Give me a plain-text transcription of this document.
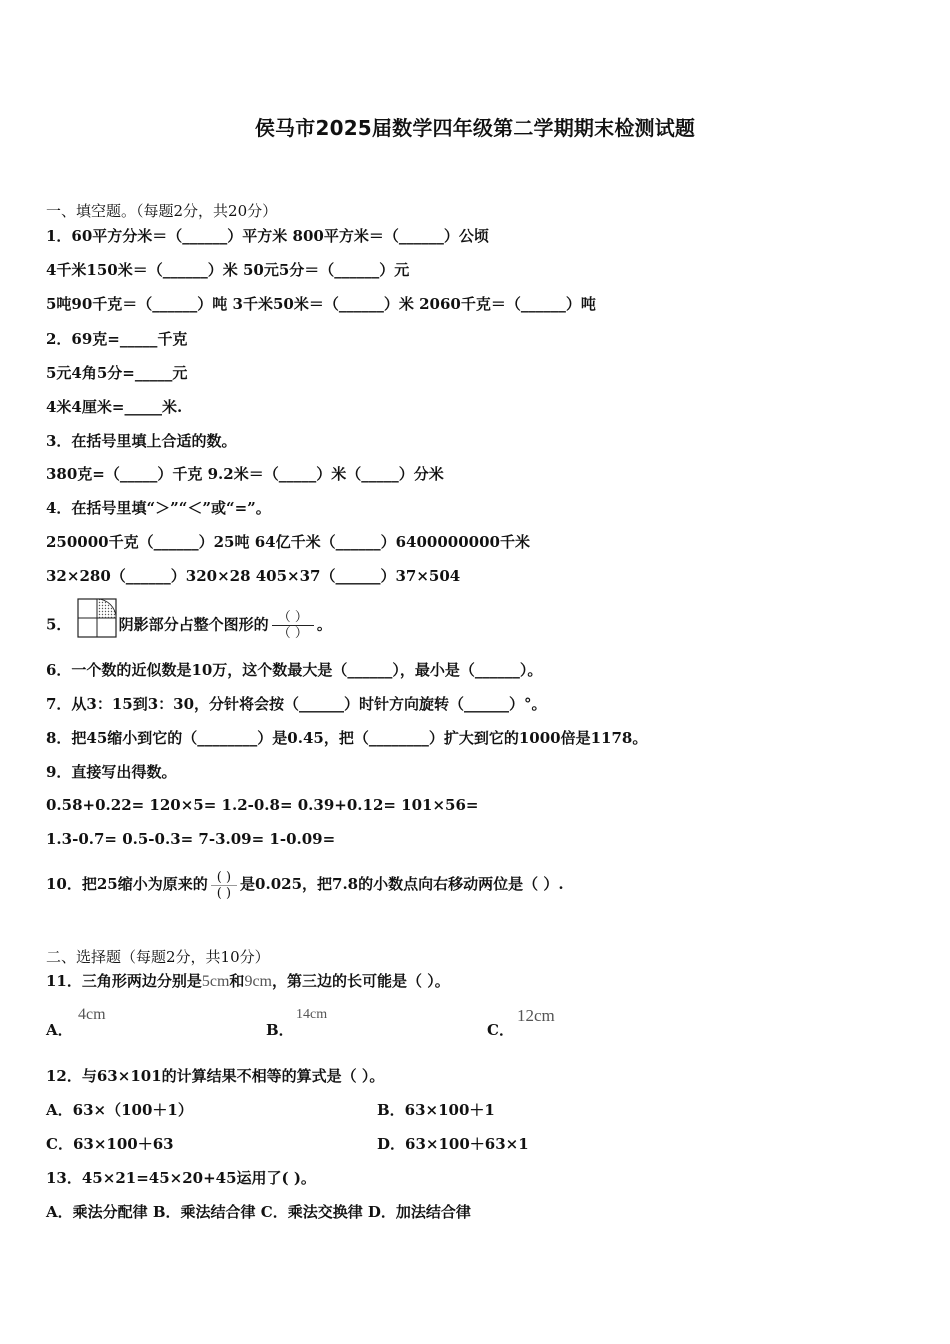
侯马市2025届数学四年级第二学期期末检测试题
一、填空题。（每题2分，共20分）
1．60平方分米＝（______）平方米 800平方米＝（______）公顷
4千米150米＝（______）米 50元5分＝（______）元
5吨90千克＝（______）吨 3千米50米＝（______）米 2060千克＝（______）吨
2．69克=_____千克
5元4角5分=_____元
4米4厘米=_____米.
3．在括号里填上合适的数。
380克=（_____）千克 9.2米＝（_____）米（_____）分米
4．在括号里填“＞”“＜”或“=”。
250000千克（______）25吨 64亿千米（______）6400000000千米
32×280（______）320×28 405×37（______）37×504
5．	阴影部分占整个图形的 $\frac{( )}{( )}$ 。
6．一个数的近似数是10万，这个数最大是（______），最小是（______）。
7．从3：15到3：30，分针将会按（______）时针方向旋转（______）°。
8．把45缩小到它的（________）是0.45，把（________）扩大到它的1000倍是1178。
9．直接写出得数。
0.58+0.22= 120×5= 1.2-0.8= 0.39+0.12= 101×56=
1.3-0.7= 0.5-0.3= 7-3.09= 1-0.09=
10．把25缩小为原来的 $\frac{( )}{( )}$ 是0.025，把7.8的小数点向右移动两位是（ ）.
二、选择题（每题2分，共10分）
11．三角形两边分别是5cm和9cm，第三边的长可能是（ ）。
A．
4cm
B．
14cm
C．
12cm
12．与63×101的计算结果不相等的算式是（ ）。
A．63×（100＋1）	B．63×100＋1
C．63×100＋63	D．63×100＋63×1
13．45×21=45×20+45运用了( )。
A．乘法分配律 B．乘法结合律 C．乘法交换律 D．加法结合律
